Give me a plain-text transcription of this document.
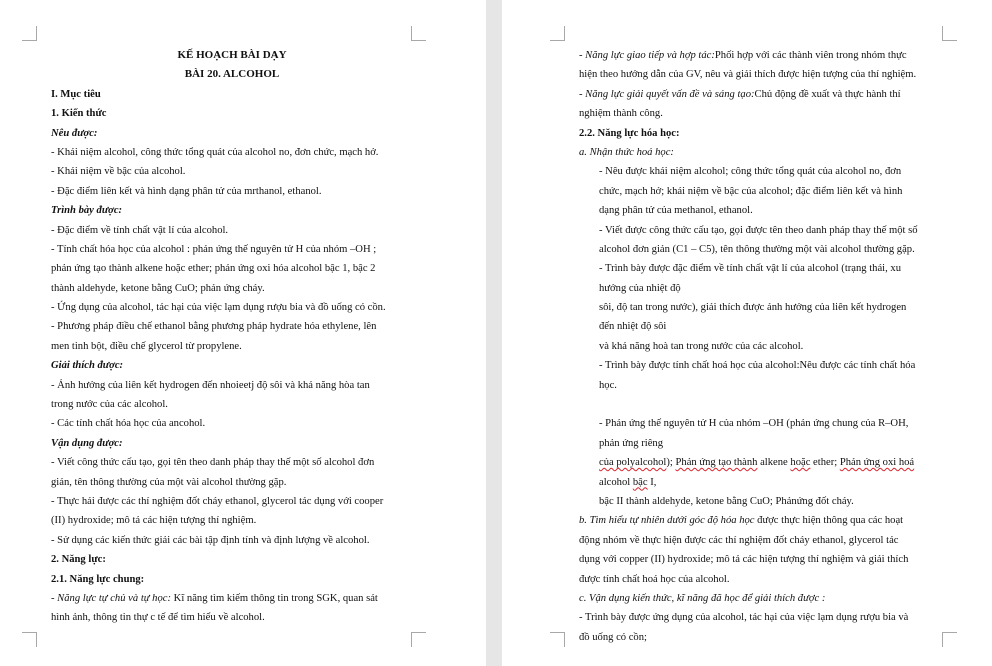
KẾ HOẠCH BÀI DẠY
BÀI 20. ALCOHOL
I. Mục tiêu
1. Kiến thức
Nêu được:
- Khái niệm alcohol, công thức tổng quát của alcohol no, đơn chức, mạch hở.
- Khái niệm về bậc của alcohol.
- Đặc điểm liên kết và hình dạng phân tử của mrthanol, ethanol.
Trình bày được:
- Đặc điểm về tính chất vật lí của alcohol.
- Tính chất hóa học của alcohol : phản ứng thế nguyên tử H của nhóm –OH ;
phản ứng tạo thành alkene hoặc ether; phản ứng oxi hóa alcohol bậc 1, bậc 2
thành aldehyde, ketone bằng CuO; phản ứng cháy.
- Ứng dụng của alcohol, tác hại của việc lạm dụng rượu bia và đồ uống có cồn.
- Phương pháp điều chế ethanol bằng phương pháp hydrate hóa ethylene, lên
men tinh bột, điều chế glycerol từ propylene.
Giải thích được:
- Ảnh hưởng của liên kết hydrogen đến nhoieetj độ sôi và khả năng hòa tan
trong nước của các alcohol.
- Các tính chất hóa học của ancohol.
Vận dụng được:
- Viết công thức cấu tạo, gọi tên theo danh pháp thay thế một số alcohol đơn
giản, tên thông thường của một vài alcohol thường gặp.
- Thực hải được các thí nghiệm đốt cháy ethanol, glycerol tác dụng với cooper
(II) hydroxide; mô tả các hiện tượng thí nghiệm.
- Sử dụng các kiến thức giải các bài tập định tính và định lượng về alcohol.
2. Năng lực:
2.1. Năng lực chung:
- Năng lực tự chủ và tự học: Kĩ năng tìm kiếm thông tin trong SGK, quan sát
hình ảnh, thông tin thự c tế để tìm hiểu về alcohol.
- Năng lực giao tiếp và hợp tác:Phối hợp với các thành viên trong nhóm thực
hiện theo hướng dẫn của GV, nêu và giải thích được hiện tượng của thí nghiệm.
- Năng lực giải quyết vấn đề và sáng tạo:Chủ động đề xuất và thực hành thí
nghiệm thành công.
2.2. Năng lực hóa học:
a. Nhận thức hoá học:
- Nêu được khái niệm alcohol; công thức tổng quát của alcohol no, đơn
chức, mạch hở; khái niệm về bậc của alcohol; đặc điểm liên kết và hình
dạng phân tử của methanol, ethanol.
- Viết được công thức cấu tạo, gọi được tên theo danh pháp thay thế một số
alcohol đơn giản (C1 – C5), tên thông thường một vài alcohol thường gặp.
- Trình bày được đặc điểm về tính chất vật lí của alcohol (trạng thái, xu
hướng của nhiệt độ
sôi, độ tan trong nước), giải thích được ảnh hưởng của liên kết hydrogen
đến nhiệt độ sôi
và khả năng hoà tan trong nước của các alcohol.
- Trình bày được tính chất hoá học của alcohol:Nêu được các tính chất hóa
học.
- Phản ứng thế nguyên tử H của nhóm –OH (phản ứng chung của R–OH,
phản ứng riêng
của polyalcohol); Phản ứng tạo thành alkene hoặc ether; Phản ứng oxi hoá
alcohol bậc I,
bậc II thành aldehyde, ketone bằng CuO; Phảnứng đốt cháy.
b. Tìm hiểu tự nhiên dưới góc độ hóa học được thực hiện thông qua các hoạt
động nhóm về thực hiện được các thí nghiệm đốt cháy ethanol, glycerol tác
dụng với copper (II) hydroxide; mô tả các hiện tượng thí nghiệm và giải thích
được tính chất hoá học của alcohol.
c. Vận dụng kiến thức, kĩ năng đã học để giải thích được :
- Trình bày được ứng dụng của alcohol, tác hại của việc lạm dụng rượu bia và
đồ uống có cồn;
